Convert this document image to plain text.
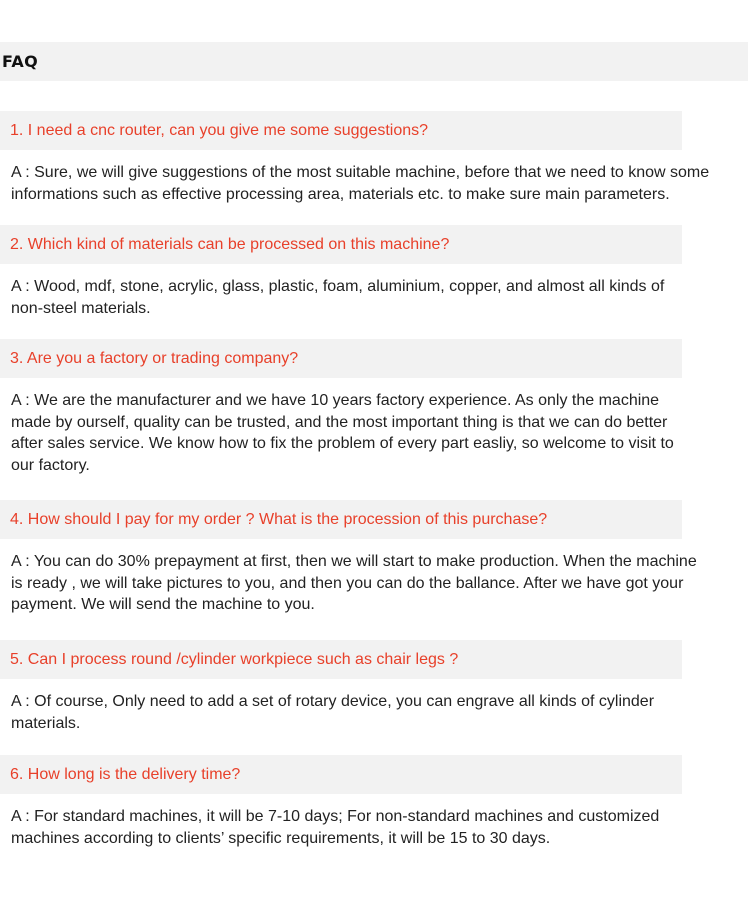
FAQ
1. I need a cnc router, can you give me some suggestions?
A : Sure, we will give suggestions of the most suitable machine, before that we need to know some
informations such as effective processing area, materials etc. to make sure main parameters.
2. Which kind of materials can be processed on this machine?
A : Wood, mdf, stone, acrylic, glass, plastic, foam, aluminium, copper, and almost all kinds of
non-steel materials.
3. Are you a factory or trading company?
A : We are the manufacturer and we have 10 years factory experience. As only the machine
made by ourself, quality can be trusted, and the most important thing is that we can do better
after sales service. We know how to fix the problem of every part easliy, so welcome to visit to
our factory.
4. How should I pay for my order ? What is the procession of this purchase?
A : You can do 30% prepayment at first, then we will start to make production. When the machine
is ready , we will take pictures to you, and then you can do the ballance. After we have got your
payment. We will send the machine to you.
5. Can I process round /cylinder workpiece such as chair legs ?
A : Of course, Only need to add a set of rotary device, you can engrave all kinds of cylinder
materials.
6. How long is the delivery time?
A : For standard machines, it will be 7-10 days; For non-standard machines and customized
machines according to clients’ specific requirements, it will be 15 to 30 days.
